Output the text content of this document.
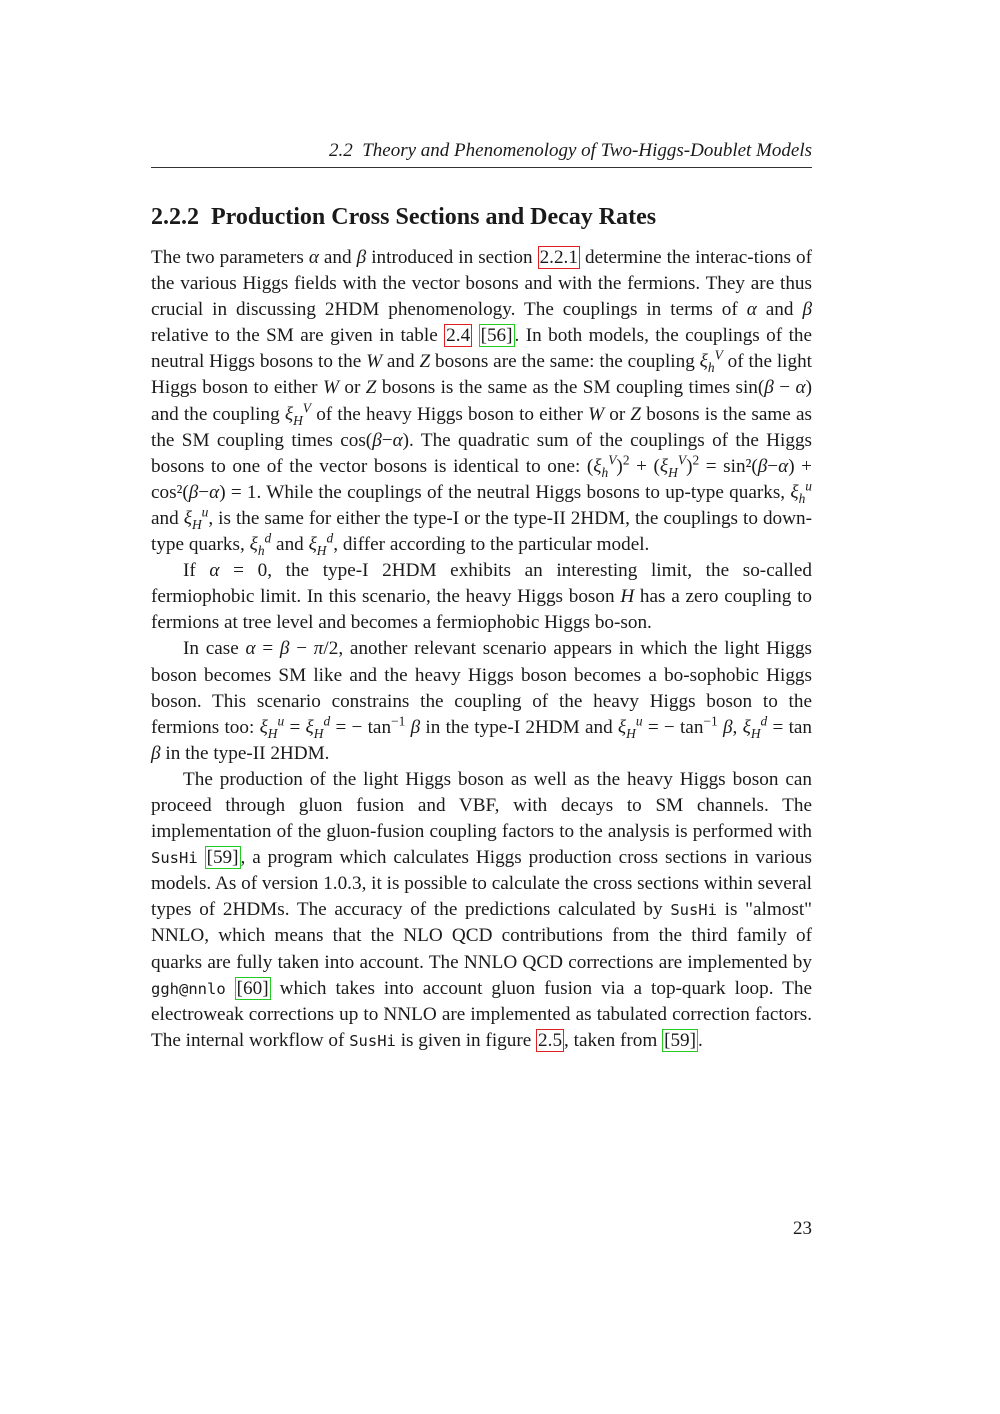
2.2 Theory and Phenomenology of Two-Higgs-Doublet Models
2.2.2 Production Cross Sections and Decay Rates

The two parameters α and β introduced in section 2.2.1 determine the interac-tions of the various Higgs fields with the vector bosons and with the fermions. They are thus crucial in discussing 2HDM phenomenology. The couplings in terms of α and β relative to the SM are given in table 2.4 [56] . In both models, the couplings of the neutral Higgs bosons to the W and Z bosons are the same: the coupling $\xi_h^V$ of the light Higgs boson to either W or Z bosons is the same as the SM coupling times sin(β − α) and the coupling $\xi_H^V$ of the heavy Higgs boson to either W or Z bosons is the same as the SM coupling times cos(β−α). The quadratic sum of the couplings of the Higgs bosons to one of the vector bosons is identical to one: $(\xi_h^V)^2 + (\xi_H^V)^2 = \sin^2(\beta-\alpha) + \cos^2(\beta-\alpha) = 1$. While the couplings of the neutral Higgs bosons to up-type quarks, $\xi_h^u$ and $\xi_H^u$, is the same for either the type-I or the type-II 2HDM, the couplings to down-type quarks, $\xi_h^d$ and $\xi_H^d$, differ according to the particular model.

If α = 0, the type-I 2HDM exhibits an interesting limit, the so-called fermiophobic limit. In this scenario, the heavy Higgs boson H has a zero coupling to fermions at tree level and becomes a fermiophobic Higgs bo-son.

In case α = β − π/2, another relevant scenario appears in which the light Higgs boson becomes SM like and the heavy Higgs boson becomes a bo-sophobic Higgs boson. This scenario constrains the coupling of the heavy Higgs boson to the fermions too: $\xi_H^u = \xi_H^d$ = − $\tan^{-1} \beta$ in the type-I 2HDM and $\xi_H^u$ = − $\tan^{-1} \beta$, $\xi_H^d = \tan \beta$ in the type-II 2HDM.

The production of the light Higgs boson as well as the heavy Higgs boson can proceed through gluon fusion and VBF, with decays to SM channels. The implementation of the gluon-fusion coupling factors to the analysis is performed with SusHi [59] , a program which calculates Higgs production cross sections in various models. As of version 1.0.3, it is possible to calculate the cross sections within several types of 2HDMs. The accuracy of the predictions calculated by SusHi is "almost" NNLO, which means that the NLO QCD contributions from the third family of quarks are fully taken into account. The NNLO QCD corrections are implemented by ggh@nnlo [60] which takes into account gluon fusion via a top-quark loop. The electroweak corrections up to NNLO are implemented as tabulated correction factors. The internal workflow of SusHi is given in figure 2.5 , taken from [59] .

23
